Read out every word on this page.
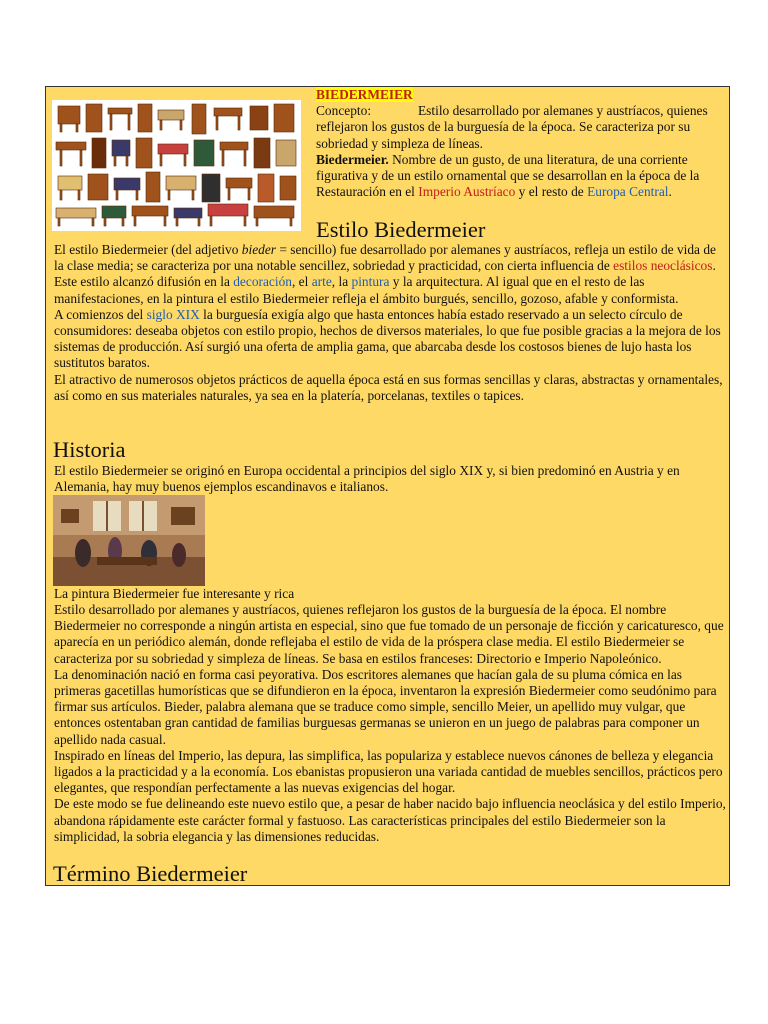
BIEDERMEIER
Concepto:	Estilo desarrollado por alemanes y austríacos, quienes reflejaron los gustos de la burguesía de la época. Se caracteriza por su sobriedad y simpleza de líneas.
Biedermeier. Nombre de un gusto, de una literatura, de una corriente figurativa y de un estilo ornamental que se desarrollan en la época de la Restauración en el Imperio Austríaco y el resto de Europa Central.
Estilo Biedermeier
El estilo Biedermeier (del adjetivo bieder = sencillo) fue desarrollado por alemanes y austríacos, refleja un estilo de vida de la clase media; se caracteriza por una notable sencillez, sobriedad y practicidad, con cierta influencia de estilos neoclásicos.
Este estilo alcanzó difusión en la decoración, el arte, la pintura y la arquitectura. Al igual que en el resto de las manifestaciones, en la pintura el estilo Biedermeier refleja el ámbito burgués, sencillo, gozoso, afable y conformista.
A comienzos del siglo XIX la burguesía exigía algo que hasta entonces había estado reservado a un selecto círculo de consumidores: deseaba objetos con estilo propio, hechos de diversos materiales, lo que fue posible gracias a la mejora de los sistemas de producción. Así surgió una oferta de amplia gama, que abarcaba desde los costosos bienes de lujo hasta los sustitutos baratos.
El atractivo de numerosos objetos prácticos de aquella época está en sus formas sencillas y claras, abstractas y ornamentales, así como en sus materiales naturales, ya sea en la platería, porcelanas, textiles o tapices.
Historia
El estilo Biedermeier se originó en Europa occidental a principios del siglo XIX y, si bien predominó en Austria y en Alemania, hay muy buenos ejemplos escandinavos e italianos.
La pintura Biedermeier fue interesante y rica
Estilo desarrollado por alemanes y austríacos, quienes reflejaron los gustos de la burguesía de la época. El nombre Biedermeier no corresponde a ningún artista en especial, sino que fue tomado de un personaje de ficción y caricaturesco, que aparecía en un periódico alemán, donde reflejaba el estilo de vida de la próspera clase media. El estilo Biedermeier se caracteriza por su sobriedad y simpleza de líneas. Se basa en estilos franceses: Directorio e Imperio Napoleónico.
La denominación nació en forma casi peyorativa. Dos escritores alemanes que hacían gala de su pluma cómica en las primeras gacetillas humorísticas que se difundieron en la época, inventaron la expresión Biedermeier como seudónimo para firmar sus artículos. Bieder, palabra alemana que se traduce como simple, sencillo Meier, un apellido muy vulgar, que entonces ostentaban gran cantidad de familias burguesas germanas se unieron en un juego de palabras para componer un apellido nada casual.
Inspirado en líneas del Imperio, las depura, las simplifica, las populariza y establece nuevos cánones de belleza y elegancia ligados a la practicidad y a la economía. Los ebanistas propusieron una variada cantidad de muebles sencillos, prácticos pero elegantes, que respondían perfectamente a las nuevas exigencias del hogar.
De este modo se fue delineando este nuevo estilo que, a pesar de haber nacido bajo influencia neoclásica y del estilo Imperio, abandona rápidamente este carácter formal y fastuoso. Las características principales del estilo Biedermeier son la simplicidad, la sobria elegancia y las dimensiones reducidas.
Término Biedermeier
